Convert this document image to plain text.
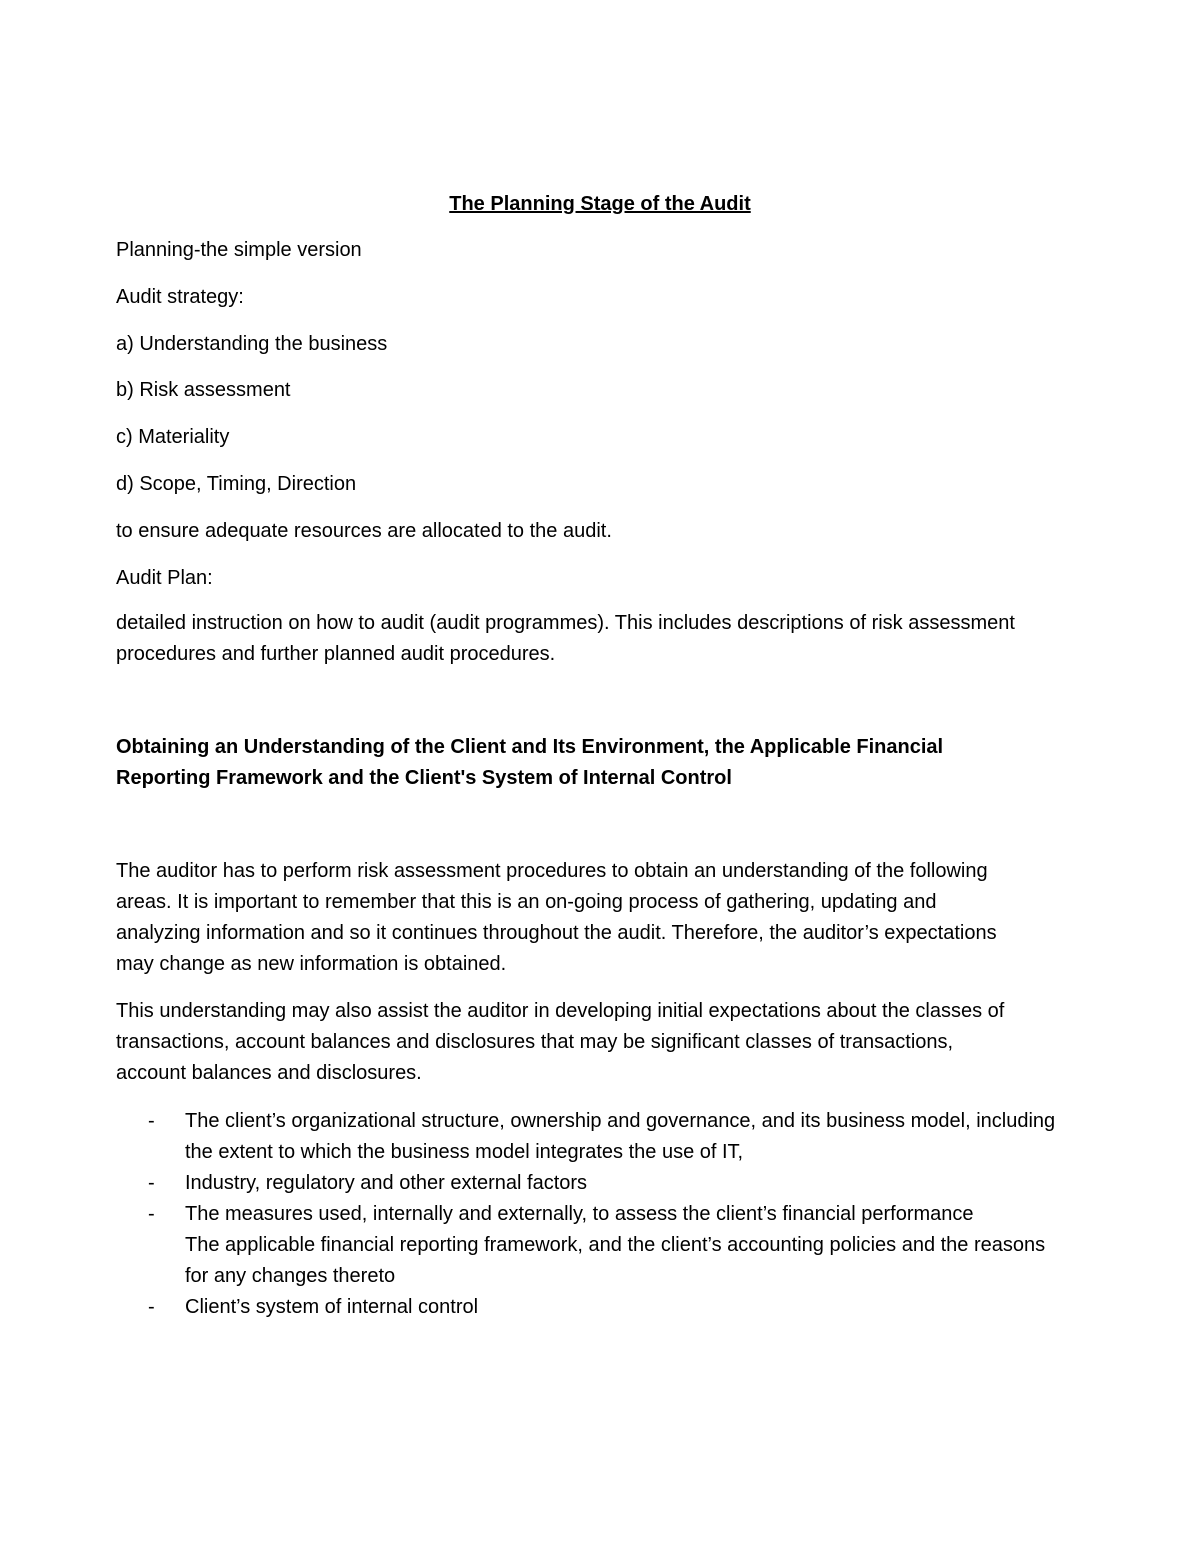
The Planning Stage of the Audit

Planning-the simple version

Audit strategy:

a) Understanding the business

b) Risk assessment

c) Materiality

d) Scope, Timing, Direction

to ensure adequate resources are allocated to the audit.

Audit Plan:

detailed instruction on how to audit (audit programmes). This includes descriptions of risk assessment procedures and further planned audit procedures.

Obtaining an Understanding of the Client and Its Environment, the Applicable Financial Reporting Framework and the Client's System of Internal Control

The auditor has to perform risk assessment procedures to obtain an understanding of the following areas. It is important to remember that this is an on-going process of gathering, updating and analyzing information and so it continues throughout the audit. Therefore, the auditor’s expectations may change as new information is obtained.

This understanding may also assist the auditor in developing initial expectations about the classes of transactions, account balances and disclosures that may be significant classes of transactions, account balances and disclosures.

- The client’s organizational structure, ownership and governance, and its business model, including the extent to which the business model integrates the use of IT,
- Industry, regulatory and other external factors
- The measures used, internally and externally, to assess the client’s financial performance
The applicable financial reporting framework, and the client’s accounting policies and the reasons for any changes thereto
- Client’s system of internal control
